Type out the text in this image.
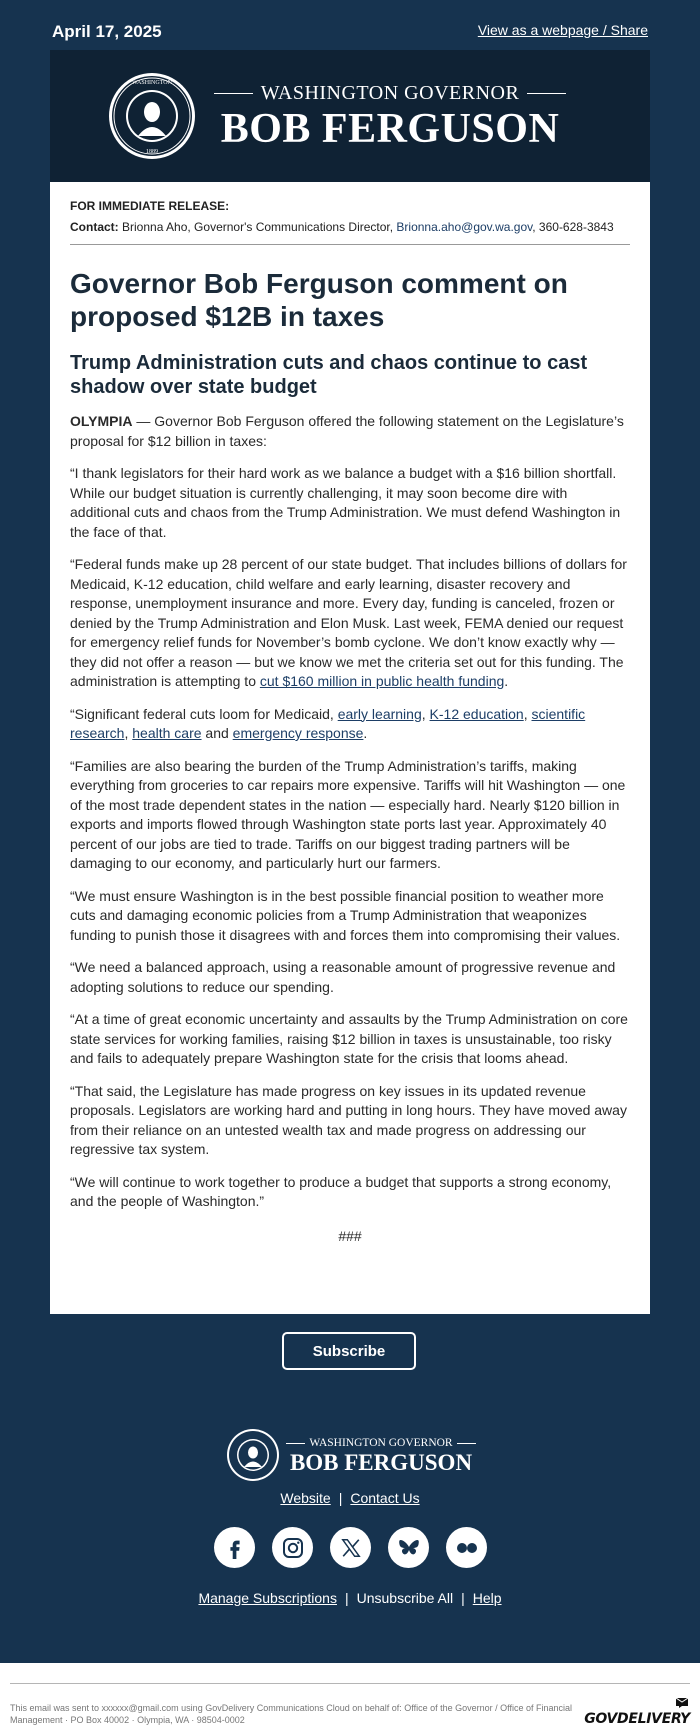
April 17, 2025	View as a webpage / Share
WASHINGTON
1889
WASHINGTON GOVERNOR
BOB FERGUSON
FOR IMMEDIATE RELEASE:
Contact: Brionna Aho, Governor's Communications Director, Brionna.aho@gov.wa.gov, 360-628-3843
Governor Bob Ferguson comment on proposed $12B in taxes
Trump Administration cuts and chaos continue to cast shadow over state budget

OLYMPIA — Governor Bob Ferguson offered the following statement on the Legislature’s proposal for $12 billion in taxes:

“I thank legislators for their hard work as we balance a budget with a $16 billion shortfall. While our budget situation is currently challenging, it may soon become dire with additional cuts and chaos from the Trump Administration. We must defend Washington in the face of that.

“Federal funds make up 28 percent of our state budget. That includes billions of dollars for Medicaid, K-12 education, child welfare and early learning, disaster recovery and response, unemployment insurance and more. Every day, funding is canceled, frozen or denied by the Trump Administration and Elon Musk. Last week, FEMA denied our request for emergency relief funds for November’s bomb cyclone. We don’t know exactly why — they did not offer a reason — but we know we met the criteria set out for this funding. The administration is attempting to cut $160 million in public health funding.

“Significant federal cuts loom for Medicaid, early learning, K-12 education, scientific research, health care and emergency response.

“Families are also bearing the burden of the Trump Administration’s tariffs, making everything from groceries to car repairs more expensive. Tariffs will hit Washington — one of the most trade dependent states in the nation — especially hard. Nearly $120 billion in exports and imports flowed through Washington state ports last year. Approximately 40 percent of our jobs are tied to trade. Tariffs on our biggest trading partners will be damaging to our economy, and particularly hurt our farmers.

“We must ensure Washington is in the best possible financial position to weather more cuts and damaging economic policies from a Trump Administration that weaponizes funding to punish those it disagrees with and forces them into compromising their values.

“We need a balanced approach, using a reasonable amount of progressive revenue and adopting solutions to reduce our spending.

“At a time of great economic uncertainty and assaults by the Trump Administration on core state services for working families, raising $12 billion in taxes is unsustainable, too risky and fails to adequately prepare Washington state for the crisis that looms ahead.

“That said, the Legislature has made progress on key issues in its updated revenue proposals. Legislators are working hard and putting in long hours. They have moved away from their reliance on an untested wealth tax and made progress on addressing our regressive tax system.

“We will continue to work together to produce a budget that supports a strong economy, and the people of Washington.”

###
Subscribe
WASHINGTON GOVERNOR
BOB FERGUSON
Website | Contact Us
Manage Subscriptions | Unsubscribe All | Help
This email was sent to xxxxxx@gmail.com using GovDelivery Communications Cloud on behalf of: Office of the Governor / Office of Financial Management · PO Box 40002 · Olympia, WA · 98504-0002	GOVDELIVERY
